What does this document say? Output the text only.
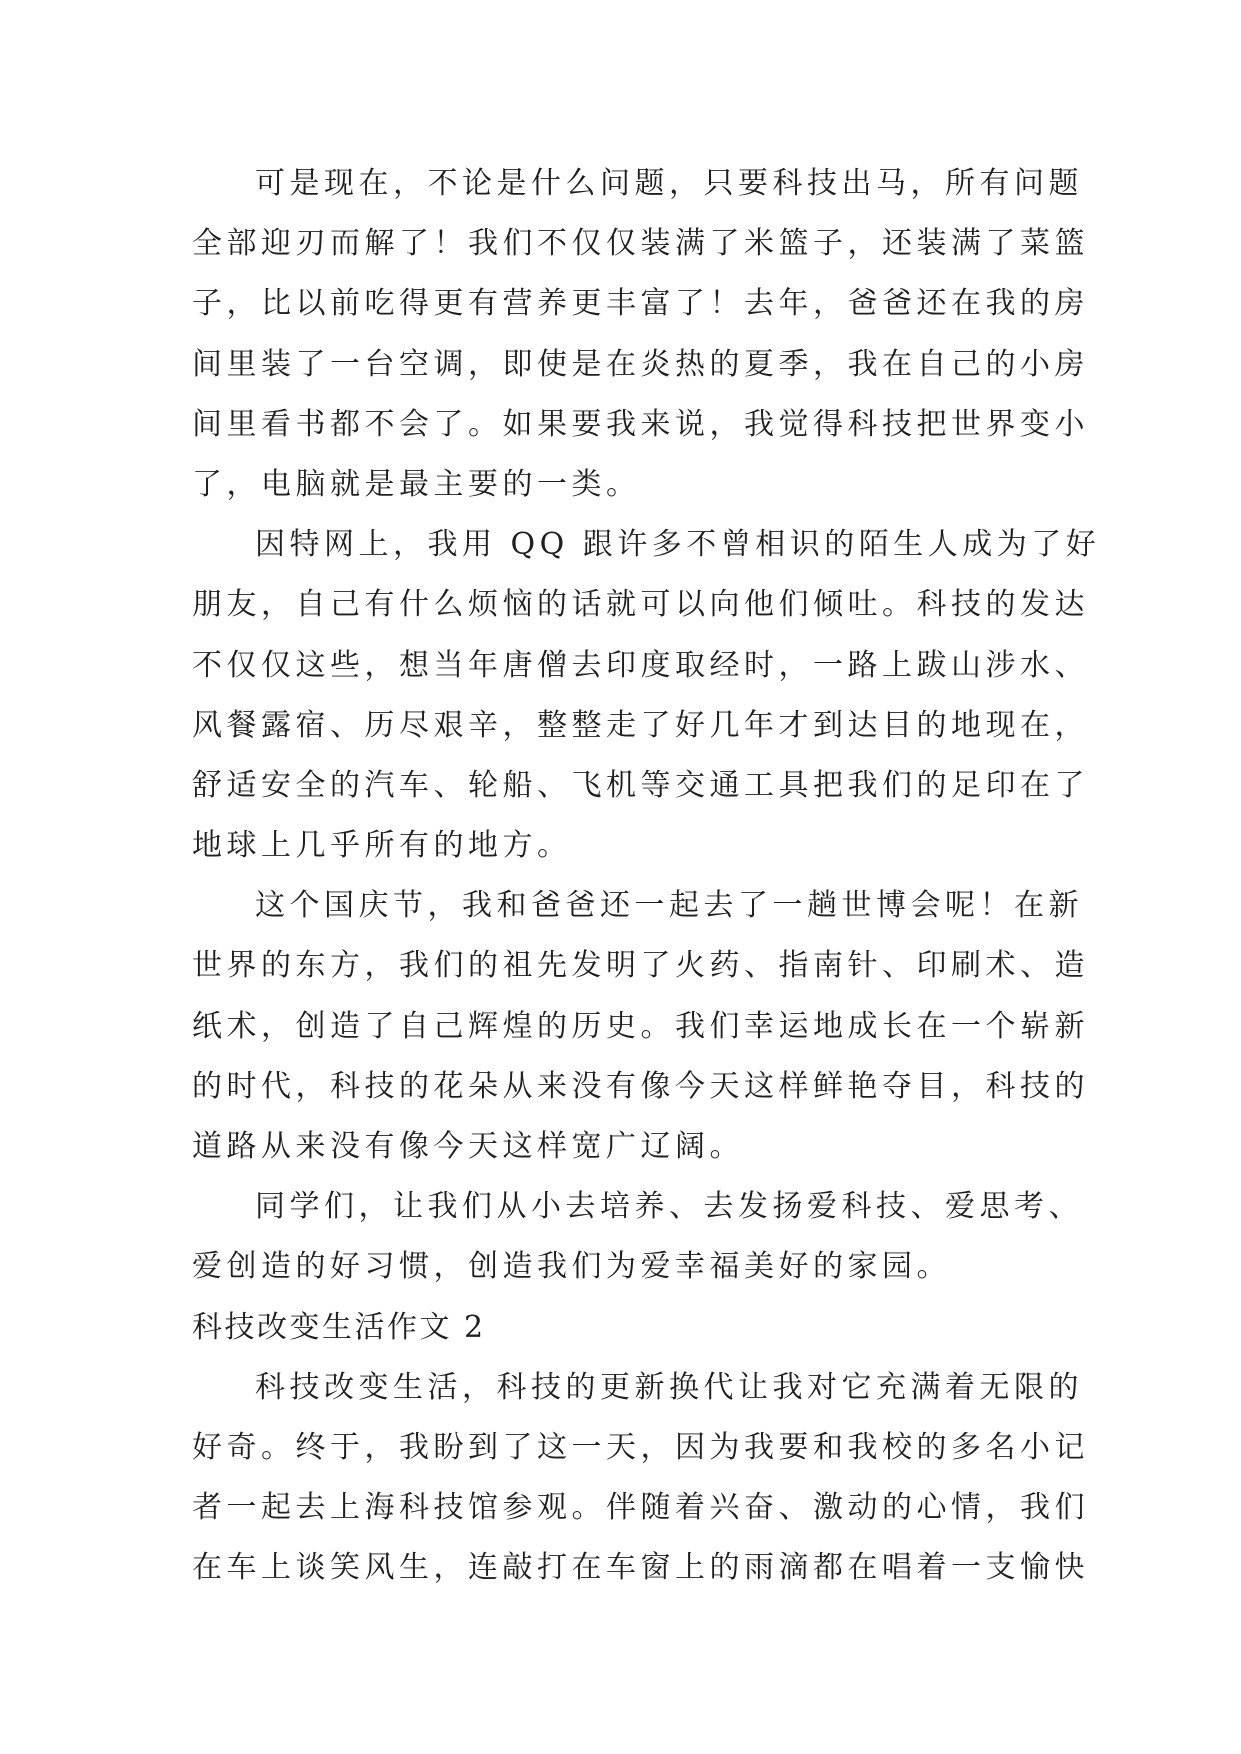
可是现在，不论是什么问题，只要科技出马，所有问题
全部迎刃而解了！我们不仅仅装满了米篮子，还装满了菜篮
子，比以前吃得更有营养更丰富了！去年，爸爸还在我的房
间里装了一台空调，即使是在炎热的夏季，我在自己的小房
间里看书都不会了。如果要我来说，我觉得科技把世界变小
了，电脑就是最主要的一类。
因特网上，我用 QQ 跟许多不曾相识的陌生人成为了好
朋友，自己有什么烦恼的话就可以向他们倾吐。科技的发达
不仅仅这些，想当年唐僧去印度取经时，一路上跋山涉水、
风餐露宿、历尽艰辛，整整走了好几年才到达目的地现在，
舒适安全的汽车、轮船、飞机等交通工具把我们的足印在了
地球上几乎所有的地方。
这个国庆节，我和爸爸还一起去了一趟世博会呢！在新
世界的东方，我们的祖先发明了火药、指南针、印刷术、造
纸术，创造了自己辉煌的历史。我们幸运地成长在一个崭新
的时代，科技的花朵从来没有像今天这样鲜艳夺目，科技的
道路从来没有像今天这样宽广辽阔。
同学们，让我们从小去培养、去发扬爱科技、爱思考、
爱创造的好习惯，创造我们为爱幸福美好的家园。
科技改变生活作文 2
科技改变生活，科技的更新换代让我对它充满着无限的
好奇。终于，我盼到了这一天，因为我要和我校的多名小记
者一起去上海科技馆参观。伴随着兴奋、激动的心情，我们
在车上谈笑风生，连敲打在车窗上的雨滴都在唱着一支愉快
